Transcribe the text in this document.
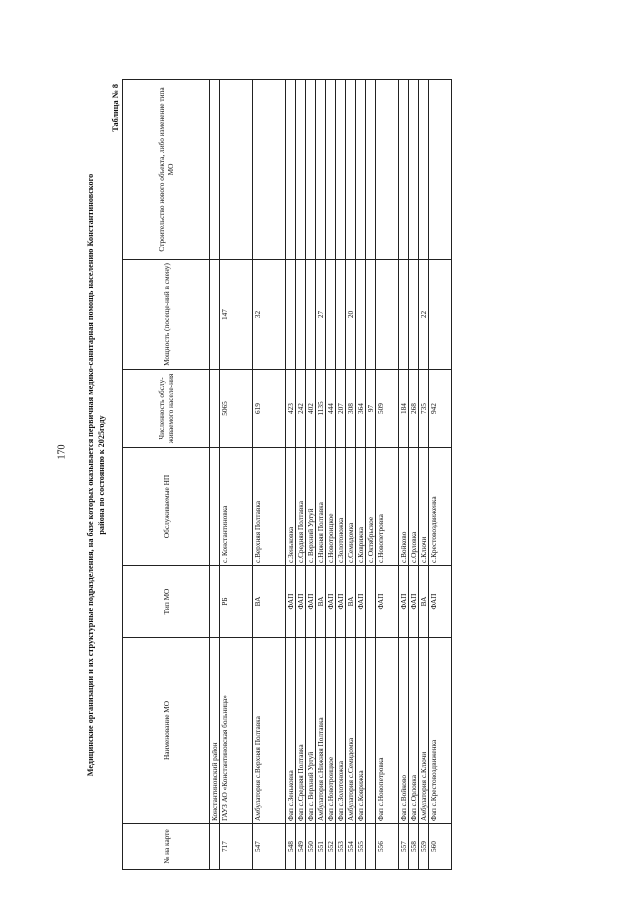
170 Медицинские организации и их структурные подразделения, на базе которых оказывается первичная медико-санитарная помощь населению Константиновского района по состоянию к 2025году
Таблица № 8
№ на карте	Наименование МО	Тип МО	Обслуживаемые НП	Численность обслу-живаемого населе-ния	Мощность (посеще-ний в смену)	Строительство нового объекта, либо изменение типа МО
	Константиновский район					
717	ГАУЗ АО «Константиновская больница»	РБ	с. Константиновка	5065	147	
547	Амбулатория с.Верхняя Полтавка	ВА	с.Верхняя Полтавка	619	32	
548	Фап с.Зеньковка	ФАП	с.Зеньковка	423		
549	Фап с.Средняя Полтавка	ФАП	с.Средняя Полтавка	242		
550	Фап с. Верхний Уртуй	ФАП	с. Верхний Уртуй	402		
551	Амбулатория с.Нижняя Полтавка	ВА	с.Нижняя Полтавка	1135	27	
552	Фап с.Новотроицкое	ФАП	с.Новотроицкое	444		
553	Фап с.Золотоножка	ФАП	с.Золотоножка	207		
554	Амбулатория с.Семидомка	ВА	с.Семидомка	308	20	
555	Фап с.Коврижка	ФАП	с.Коврижка	364		
			с. Октябрьское	97		
556	Фап с.Новопетровка	ФАП	с.Новопетровка	509		
557	Фап с.Войково	ФАП	с.Войково	184		
558	Фап с.Орловка	ФАП	с.Орловка	268		
559	Амбулатория с.Ключи	ВА	с.Ключи	735	22	
560	Фап с.Крестовоздвиженка	ФАП	с.Крестовоздвиженка	942		
